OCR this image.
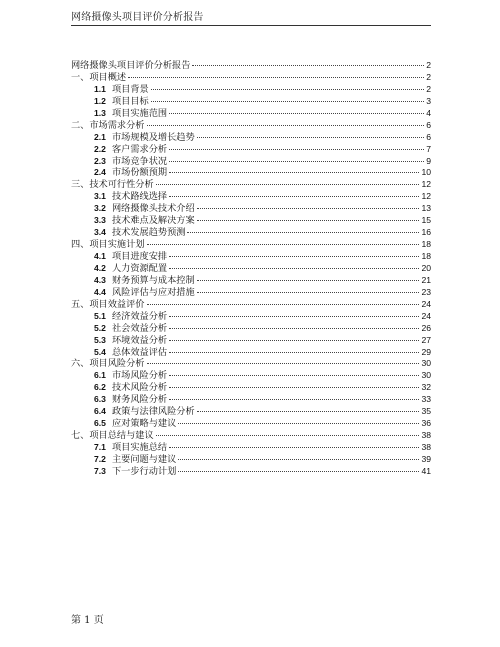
网络摄像头项目评价分析报告
网络摄像头项目评价分析报告	2
一、项目概述	2
1.1 项目背景	2
1.2 项目目标	3
1.3 项目实施范围	4
二、市场需求分析	6
2.1 市场规模及增长趋势	6
2.2 客户需求分析	7
2.3 市场竞争状况	9
2.4 市场份额预期	10
三、技术可行性分析	12
3.1 技术路线选择	12
3.2 网络摄像头技术介绍	13
3.3 技术难点及解决方案	15
3.4 技术发展趋势预测	16
四、项目实施计划	18
4.1 项目进度安排	18
4.2 人力资源配置	20
4.3 财务预算与成本控制	21
4.4 风险评估与应对措施	23
五、项目效益评价	24
5.1 经济效益分析	24
5.2 社会效益分析	26
5.3 环境效益分析	27
5.4 总体效益评估	29
六、项目风险分析	30
6.1 市场风险分析	30
6.2 技术风险分析	32
6.3 财务风险分析	33
6.4 政策与法律风险分析	35
6.5 应对策略与建议	36
七、项目总结与建议	38
7.1 项目实施总结	38
7.2 主要问题与建议	39
7.3 下一步行动计划	41
第 1 页
